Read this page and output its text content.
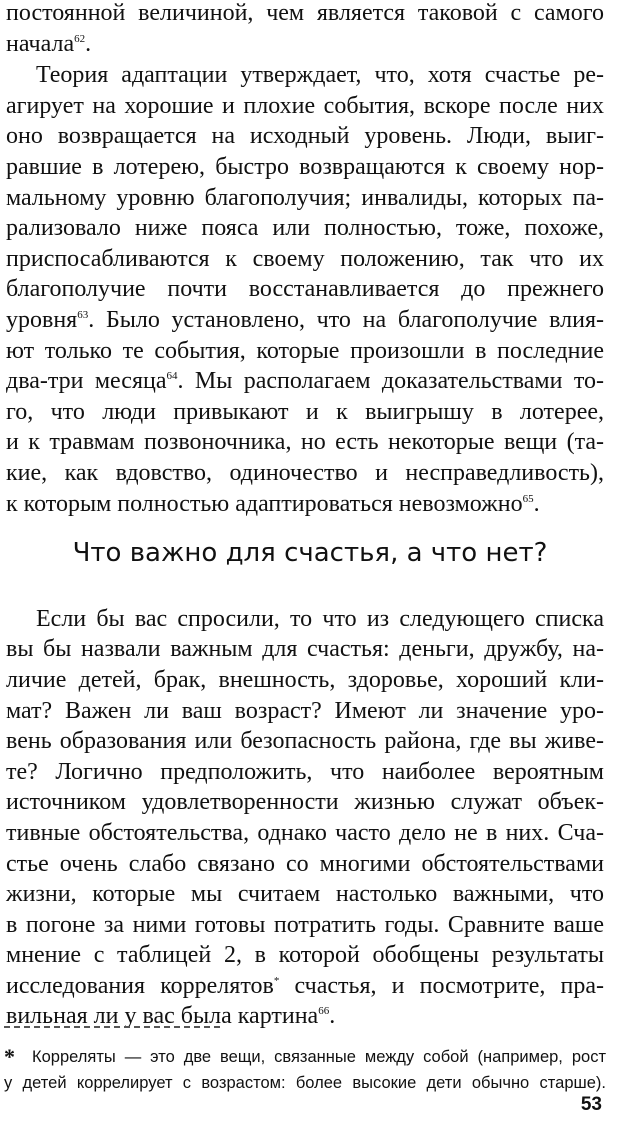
постоянной величиной, чем является таковой с самого
начала$^{62}$.
Теория адаптации утверждает, что, хотя счастье ре-
агирует на хорошие и плохие события, вскоре после них
оно возвращается на исходный уровень. Люди, выиг-
равшие в лотерею, быстро возвращаются к своему нор-
мальному уровню благополучия; инвалиды, которых па-
рализовало ниже пояса или полностью, тоже, похоже,
приспосабливаются к своему положению, так что их
благополучие почти восстанавливается до прежнего
уровня$^{63}$. Было установлено, что на благополучие влия-
ют только те события, которые произошли в последние
два-три месяца$^{64}$. Мы располагаем доказательствами то-
го, что люди привыкают и к выигрышу в лотерее,
и к травмам позвоночника, но есть некоторые вещи (та-
кие, как вдовство, одиночество и несправедливость),
к которым полностью адаптироваться невозможно$^{65}$.
Что важно для счастья, а что нет?
Если бы вас спросили, то что из следующего списка
вы бы назвали важным для счастья: деньги, дружбу, на-
личие детей, брак, внешность, здоровье, хороший кли-
мат? Важен ли ваш возраст? Имеют ли значение уро-
вень образования или безопасность района, где вы живе-
те? Логично предположить, что наиболее вероятным
источником удовлетворенности жизнью служат объек-
тивные обстоятельства, однако часто дело не в них. Сча-
стье очень слабо связано со многими обстоятельствами
жизни, которые мы считаем настолько важными, что
в погоне за ними готовы потратить годы. Сравните ваше
мнение с таблицей 2, в которой обобщены результаты
исследования коррелятов* счастья, и посмотрите, пра-
вильная ли у вас была картина$^{66}$.
* Корреляты — это две вещи, связанные между собой (например, рост
у детей коррелирует с возрастом: более высокие дети обычно старше).
53
